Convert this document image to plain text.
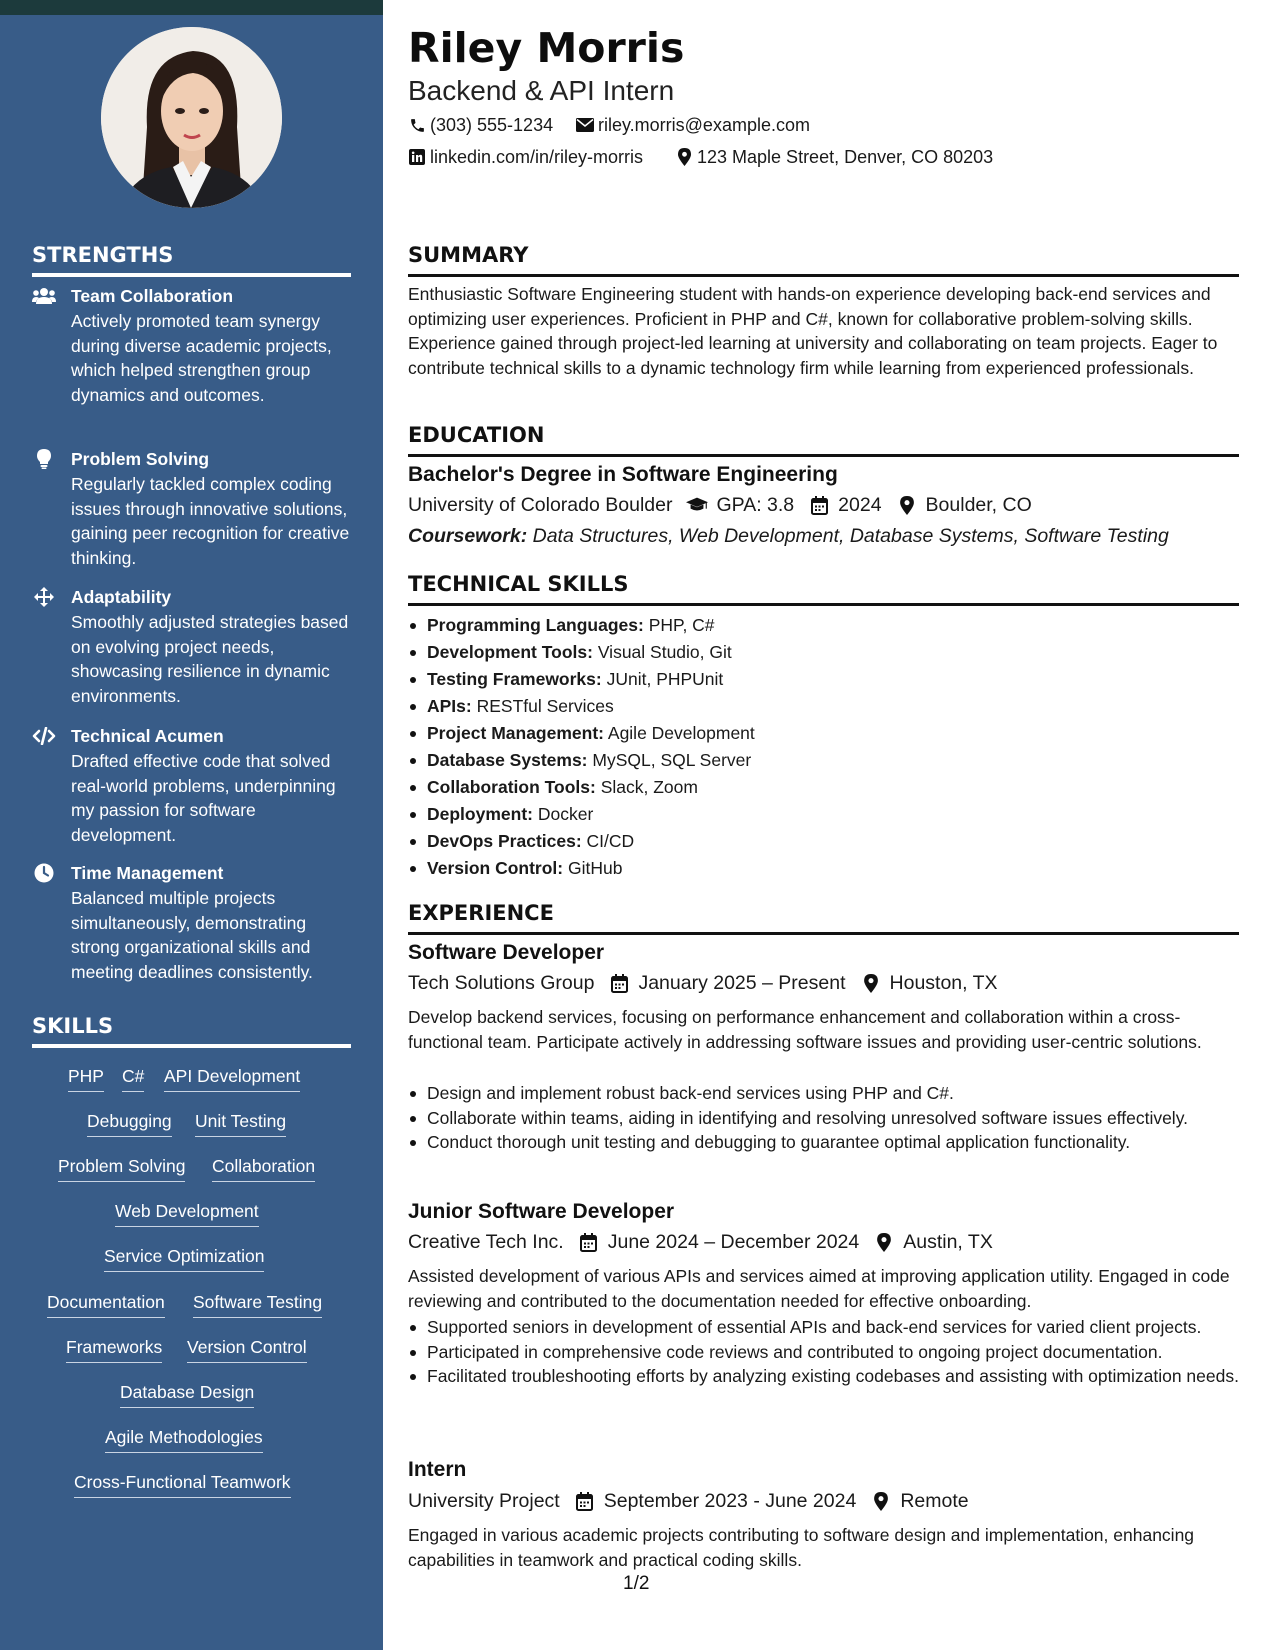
STRENGTHS
Team Collaboration
Actively promoted team synergy during diverse academic projects, which helped strengthen group dynamics and outcomes.
Problem Solving
Regularly tackled complex coding issues through innovative solutions, gaining peer recognition for creative thinking.
Adaptability
Smoothly adjusted strategies based on evolving project needs, showcasing resilience in dynamic environments.
Technical Acumen
Drafted effective code that solved real-world problems, underpinning my passion for software development.
Time Management
Balanced multiple projects simultaneously, demonstrating strong organizational skills and meeting deadlines consistently.
SKILLS
PHP C# API Development
Debugging Unit Testing
Problem Solving Collaboration
Web Development
Service Optimization
Documentation Software Testing
Frameworks Version Control
Database Design
Agile Methodologies
Cross-Functional Teamwork
Riley Morris
Backend & API Intern
(303) 555-1234 riley.morris@example.com
linkedin.com/in/riley-morris	123 Maple Street, Denver, CO 80203
SUMMARY
Enthusiastic Software Engineering student with hands-on experience developing back-end services and optimizing user experiences. Proficient in PHP and C#, known for collaborative problem-solving skills. Experience gained through project-led learning at university and collaborating on team projects. Eager to contribute technical skills to a dynamic technology firm while learning from experienced professionals.
EDUCATION
Bachelor's Degree in Software Engineering
University of Colorado Boulder GPA: 3.8 2024 Boulder, CO
Coursework: Data Structures, Web Development, Database Systems, Software Testing
TECHNICAL SKILLS
Programming Languages: PHP, C#
Development Tools: Visual Studio, Git
Testing Frameworks: JUnit, PHPUnit
APIs: RESTful Services
Project Management: Agile Development
Database Systems: MySQL, SQL Server
Collaboration Tools: Slack, Zoom
Deployment: Docker
DevOps Practices: CI/CD
Version Control: GitHub
EXPERIENCE
Software Developer
Tech Solutions Group January 2025 – Present Houston, TX
Develop backend services, focusing on performance enhancement and collaboration within a cross-functional team. Participate actively in addressing software issues and providing user-centric solutions.
Design and implement robust back-end services using PHP and C#.
Collaborate within teams, aiding in identifying and resolving unresolved software issues effectively.
Conduct thorough unit testing and debugging to guarantee optimal application functionality.
Junior Software Developer
Creative Tech Inc. June 2024 – December 2024 Austin, TX
Assisted development of various APIs and services aimed at improving application utility. Engaged in code reviewing and contributed to the documentation needed for effective onboarding.
Supported seniors in development of essential APIs and back-end services for varied client projects.
Participated in comprehensive code reviews and contributed to ongoing project documentation.
Facilitated troubleshooting efforts by analyzing existing codebases and assisting with optimization needs.
Intern
University Project September 2023 - June 2024 Remote
Engaged in various academic projects contributing to software design and implementation, enhancing capabilities in teamwork and practical coding skills.
1/2
